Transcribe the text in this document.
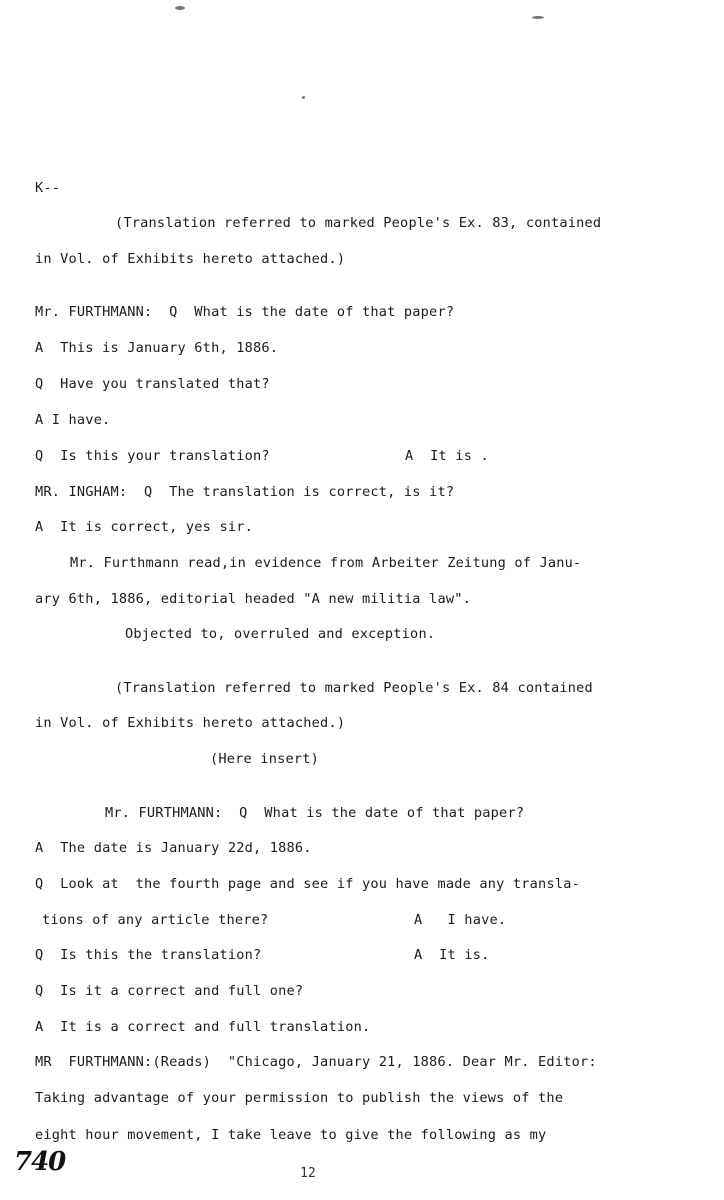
K--
(Translation referred to marked People's Ex. 83, contained
in Vol. of Exhibits hereto attached.)
Mr. FURTHMANN:  Q  What is the date of that paper?
A  This is January 6th, 1886.
Q  Have you translated that?
A I have.
Q  Is this your translation?	A  It is .
MR. INGHAM:  Q  The translation is correct, is it?
A  It is correct, yes sir.
Mr. Furthmann read,in evidence from Arbeiter Zeitung of Janu-
ary 6th, 1886, editorial headed "A new militia law".
Objected to, overruled and exception.
(Translation referred to marked People's Ex. 84 contained
in Vol. of Exhibits hereto attached.)
(Here insert)
Mr. FURTHMANN:  Q  What is the date of that paper?
A  The date is January 22d, 1886.
Q  Look at  the fourth page and see if you have made any transla-
tions of any article there?	A   I have.
Q  Is this the translation?	A  It is.
Q  Is it a correct and full one?
A  It is a correct and full translation.
MR  FURTHMANN:(Reads)  "Chicago, January 21, 1886. Dear Mr. Editor:
Taking advantage of your permission to publish the views of the
eight hour movement, I take leave to give the following as my
740	12
